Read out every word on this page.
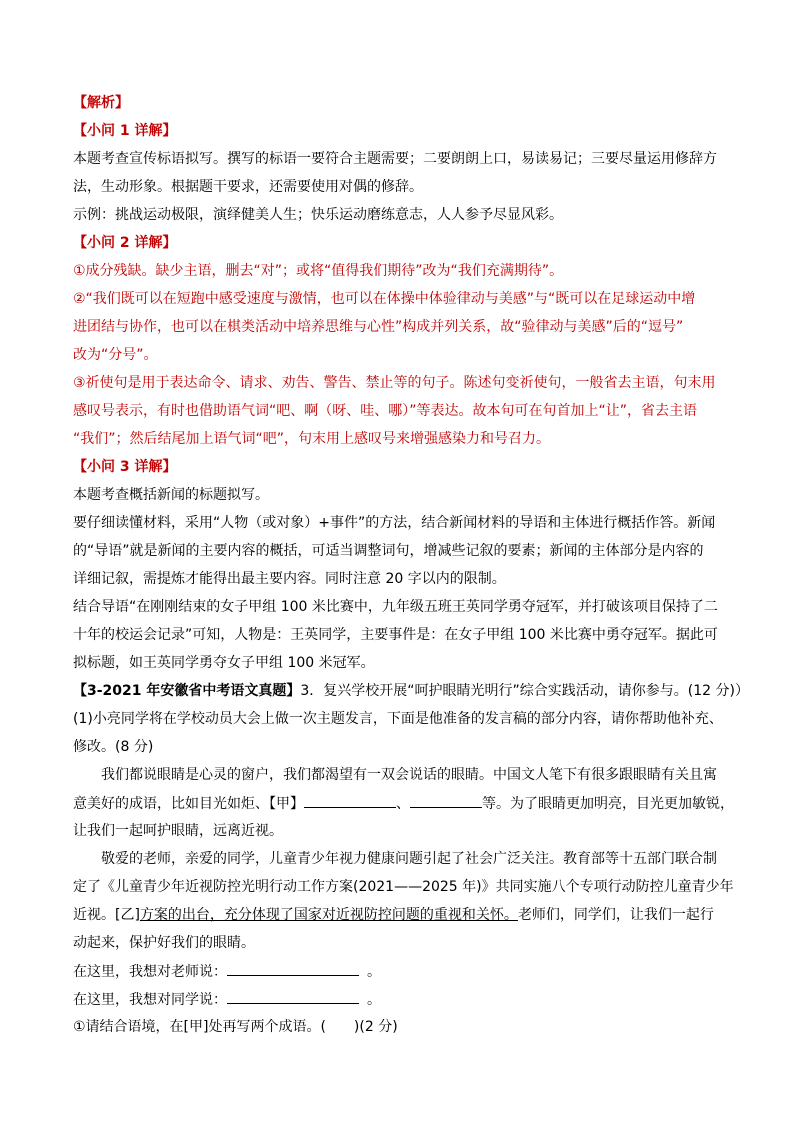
【解析】
【小问 1 详解】
本题考查宣传标语拟写。撰写的标语一要符合主题需要；二要朗朗上口，易读易记；三要尽量运用修辞方
法，生动形象。根据题干要求，还需要使用对偶的修辞。
示例：挑战运动极限，演绎健美人生；快乐运动磨练意志，人人参予尽显风彩。
【小问 2 详解】
①成分残缺。缺少主语，删去“对”；或将“值得我们期待”改为“我们充满期待”。
②“我们既可以在短跑中感受速度与激情，也可以在体操中体验律动与美感”与“既可以在足球运动中增
进团结与协作，也可以在棋类活动中培养思维与心性”构成并列关系，故“验律动与美感”后的“逗号”
改为“分号”。
③祈使句是用于表达命令、请求、劝告、警告、禁止等的句子。陈述句变祈使句，一般省去主语，句末用
感叹号表示，有时也借助语气词“吧、啊（呀、哇、哪）”等表达。故本句可在句首加上“让”，省去主语
“我们”；然后结尾加上语气词“吧”，句末用上感叹号来增强感染力和号召力。
【小问 3 详解】
本题考查概括新闻的标题拟写。
要仔细读懂材料，采用“人物（或对象）+事件”的方法，结合新闻材料的导语和主体进行概括作答。新闻
的“导语”就是新闻的主要内容的概括，可适当调整词句，增减些记叙的要素；新闻的主体部分是内容的
详细记叙，需提炼才能得出最主要内容。同时注意 20 字以内的限制。
结合导语“在刚刚结束的女子甲组 100 米比赛中，九年级五班王英同学勇夺冠军，并打破该项目保持了二
十年的校运会记录”可知，人物是：王英同学，主要事件是：在女子甲组 100 米比赛中勇夺冠军。据此可
拟标题，如王英同学勇夺女子甲组 100 米冠军。
【3-2021 年安徽省中考语文真题】3．复兴学校开展“呵护眼睛光明行”综合实践活动，请你参与。(12 分)）
(1)小亮同学将在学校动员大会上做一次主题发言，下面是他准备的发言稿的部分内容，请你帮助他补充、
修改。(8 分)
我们都说眼睛是心灵的窗户，我们都渴望有一双会说话的眼睛。中国文人笔下有很多跟眼睛有关且寓
意美好的成语，比如目光如炬、【甲】	、	等。为了眼睛更加明亮，目光更加敏锐，
让我们一起呵护眼睛，远离近视。
敬爱的老师，亲爱的同学，儿童青少年视力健康问题引起了社会广泛关注。教育部等十五部门联合制
定了《儿童青少年近视防控光明行动工作方案(2021——2025 年)》共同实施八个专项行动防控儿童青少年
近视。[乙]方案的出台，充分体现了国家对近视防控问题的重视和关怀。老师们，同学们，让我们一起行
动起来，保护好我们的眼睛。
在这里，我想对老师说：	。
在这里，我想对同学说：	。
①请结合语境，在[甲]处再写两个成语。(　　)(2 分)
